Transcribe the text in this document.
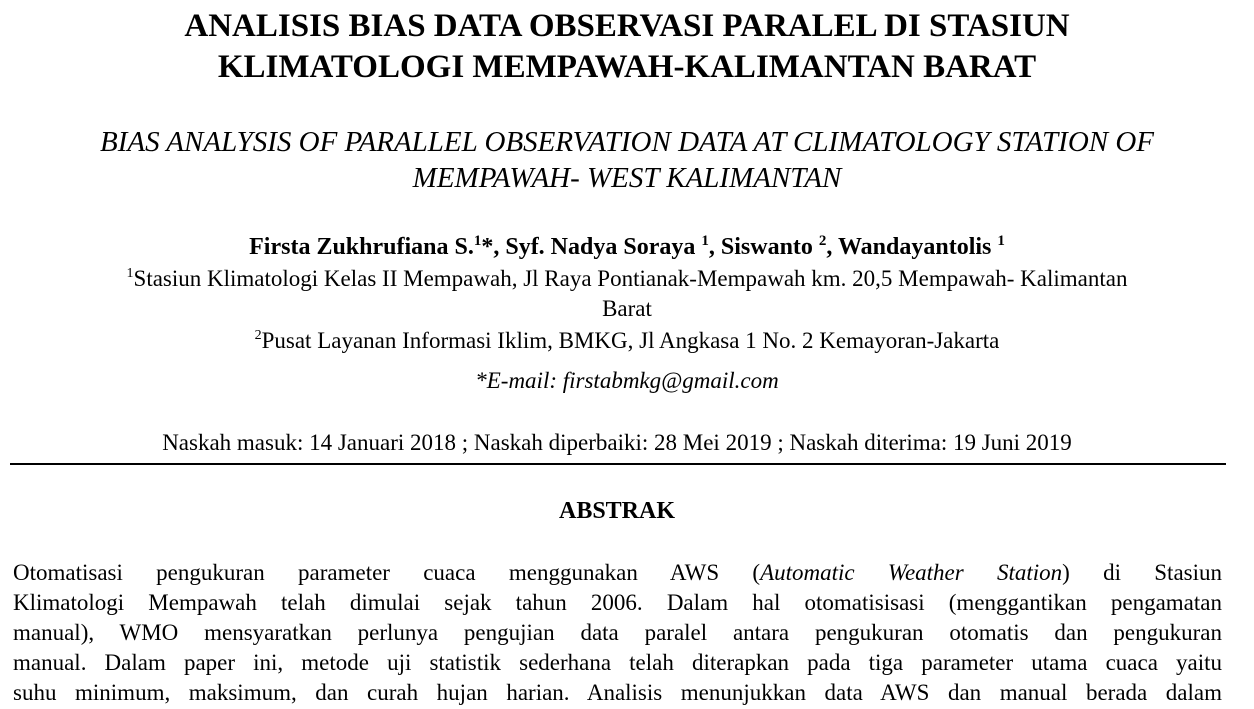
ANALISIS BIAS DATA OBSERVASI PARALEL DI STASIUN
KLIMATOLOGI MEMPAWAH-KALIMANTAN BARAT
BIAS ANALYSIS OF PARALLEL OBSERVATION DATA AT CLIMATOLOGY STATION OF
MEMPAWAH- WEST KALIMANTAN
Firsta Zukhrufiana S.$^1$*, Syf. Nadya Soraya $^1$, Siswanto $^2$, Wandayantolis $^1$
$^1$Stasiun Klimatologi Kelas II Mempawah, Jl Raya Pontianak-Mempawah km. 20,5 Mempawah- Kalimantan
Barat
$^2$Pusat Layanan Informasi Iklim, BMKG, Jl Angkasa 1 No. 2 Kemayoran-Jakarta
*E-mail: firstabmkg@gmail.com
Naskah masuk: 14 Januari 2018 ; Naskah diperbaiki: 28 Mei 2019 ; Naskah diterima: 19 Juni 2019
ABSTRAK
Otomatisasi pengukuran parameter cuaca menggunakan AWS (Automatic Weather Station) di Stasiun
Klimatologi Mempawah telah dimulai sejak tahun 2006. Dalam hal otomatisisasi (menggantikan pengamatan
manual), WMO mensyaratkan perlunya pengujian data paralel antara pengukuran otomatis dan pengukuran
manual. Dalam paper ini, metode uji statistik sederhana telah diterapkan pada tiga parameter utama cuaca yaitu
suhu minimum, maksimum, dan curah hujan harian. Analisis menunjukkan data AWS dan manual berada dalam
